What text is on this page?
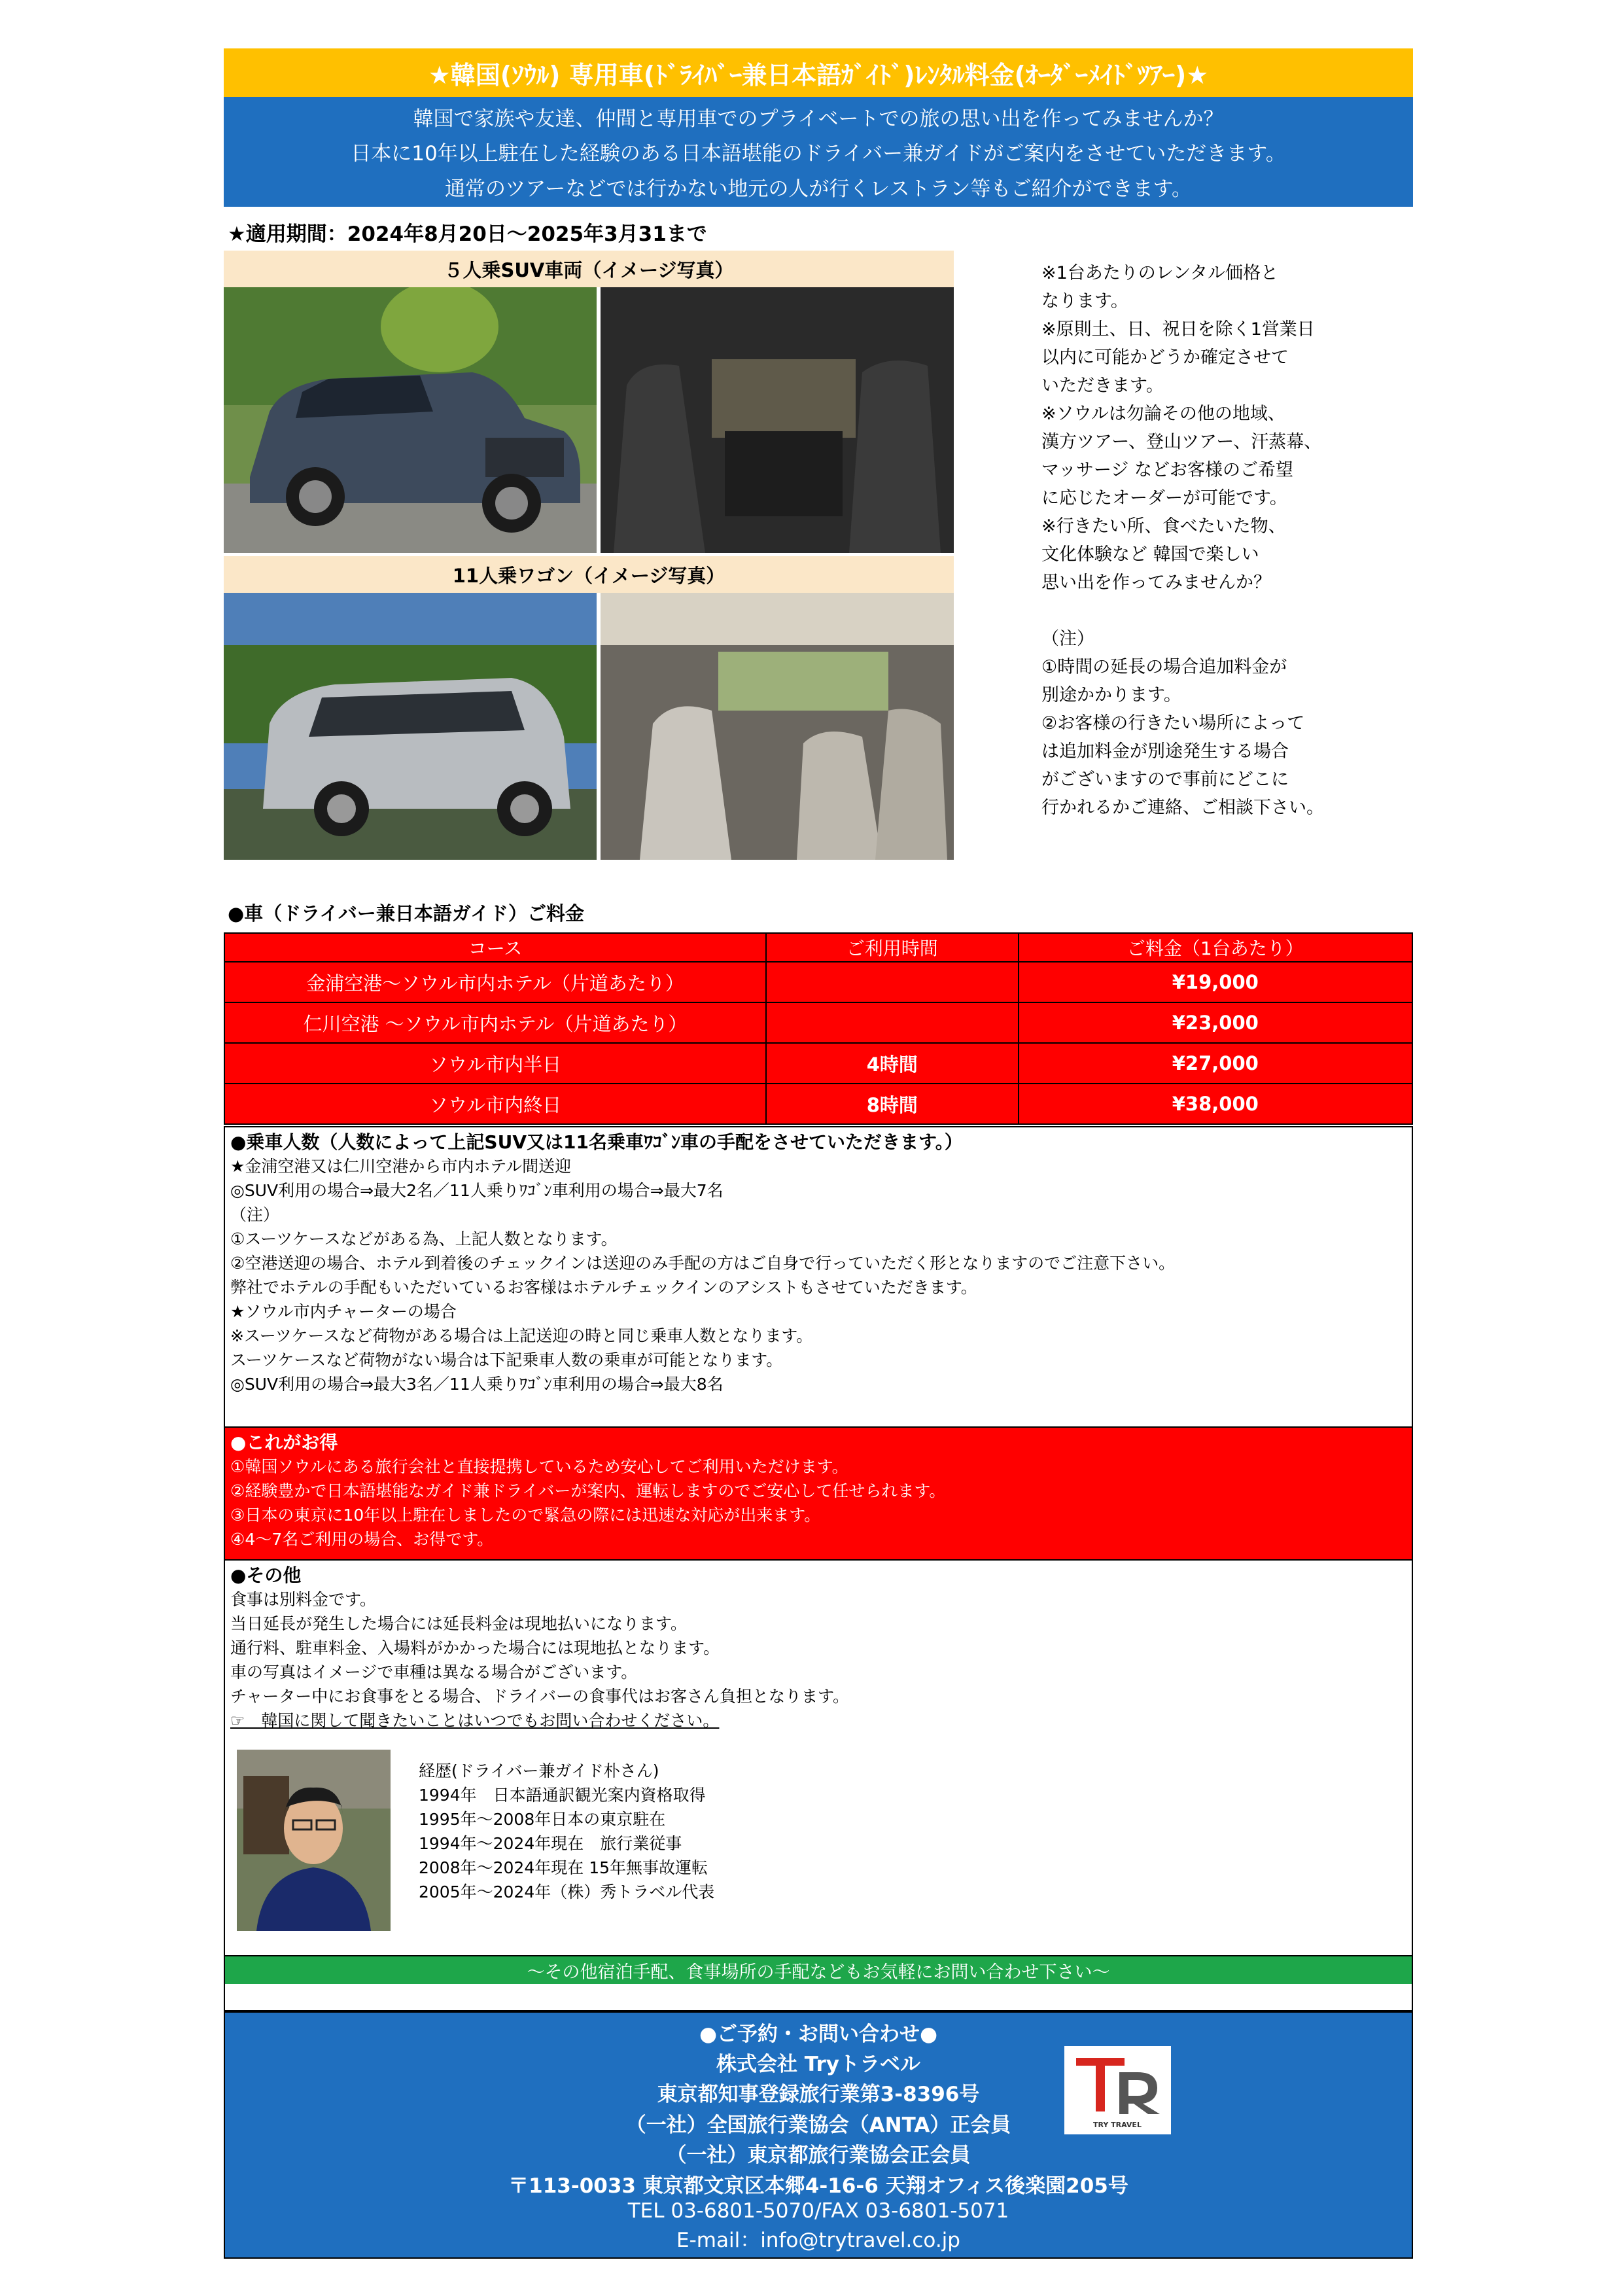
★韓国(ｿｳﾙ) 専用車(ﾄﾞﾗｲﾊﾞｰ兼日本語ｶﾞｲﾄﾞ)ﾚﾝﾀﾙ料金(ｵｰﾀﾞｰﾒｲﾄﾞﾂｱｰ)★
韓国で家族や友達、仲間と専用車でのプライベートでの旅の思い出を作ってみませんか？
日本に10年以上駐在した経験のある日本語堪能のドライバー兼ガイドがご案内をさせていただきます。
通常のツアーなどでは行かない地元の人が行くレストラン等もご紹介ができます。
★適用期間：2024年8月20日～2025年3月31まで
５人乗SUV車両（イメージ写真）
11人乗ワゴン（イメージ写真）
※1台あたりのレンタル価格と
なります。
※原則土、日、祝日を除く1営業日
以内に可能かどうか確定させて
いただきます。
※ソウルは勿論その他の地域、
漢方ツアー、登山ツアー、汗蒸幕、
マッサージ などお客様のご希望
に応じたオーダーが可能です。
※行きたい所、食べたいた物、
文化体験など 韓国で楽しい
思い出を作ってみませんか？
（注）
①時間の延長の場合追加料金が
別途かかります。
②お客様の行きたい場所によって
は追加料金が別途発生する場合
がございますので事前にどこに
行かれるかご連絡、ご相談下さい。
●車（ドライバー兼日本語ガイド）ご料金
コース	ご利用時間	ご料金（1台あたり）
金浦空港～ソウル市内ホテル（片道あたり）		¥19,000
仁川空港 ～ソウル市内ホテル（片道あたり）		¥23,000
ソウル市内半日	4時間	¥27,000
ソウル市内終日	8時間	¥38,000
●乗車人数（人数によって上記SUV又は11名乗車ﾜｺﾞﾝ車の手配をさせていただきます。）
★金浦空港又は仁川空港から市内ホテル間送迎
◎SUV利用の場合⇒最大2名／11人乗りﾜｺﾞﾝ車利用の場合⇒最大7名
（注）
①スーツケースなどがある為、上記人数となります。
②空港送迎の場合、ホテル到着後のチェックインは送迎のみ手配の方はご自身で行っていただく形となりますのでご注意下さい。
弊社でホテルの手配もいただいているお客様はホテルチェックインのアシストもさせていただきます。
★ソウル市内チャーターの場合
※スーツケースなど荷物がある場合は上記送迎の時と同じ乗車人数となります。
スーツケースなど荷物がない場合は下記乗車人数の乗車が可能となります。
◎SUV利用の場合⇒最大3名／11人乗りﾜｺﾞﾝ車利用の場合⇒最大8名
●これがお得
①韓国ソウルにある旅行会社と直接提携しているため安心してご利用いただけます。
②経験豊かで日本語堪能なガイド兼ドライバーが案内、運転しますのでご安心して任せられます。
③日本の東京に10年以上駐在しましたので緊急の際には迅速な対応が出来ます。
④4～7名ご利用の場合、お得です。
●その他
食事は別料金です。
当日延長が発生した場合には延長料金は現地払いになります。
通行料、駐車料金、入場料がかかった場合には現地払となります。
車の写真はイメージで車種は異なる場合がございます。
チャーター中にお食事をとる場合、ドライバーの食事代はお客さん負担となります。
☞　韓国に関して聞きたいことはいつでもお問い合わせください。
経歴(ドライバー兼ガイド朴さん)
1994年　日本語通訳観光案内資格取得
1995年～2008年日本の東京駐在
1994年～2024年現在　旅行業従事
2008年～2024年現在 15年無事故運転
2005年～2024年（株）秀トラベル代表
～その他宿泊手配、食事場所の手配などもお気軽にお問い合わせ下さい～
●ご予約・お問い合わせ●
株式会社 Tryトラベル
東京都知事登録旅行業第3-8396号
（一社）全国旅行業協会（ANTA）正会員
（一社）東京都旅行業協会正会員
〒113-0033 東京都文京区本郷4-16-6 天翔オフィス後楽園205号
TEL 03-6801-5070/FAX 03-6801-5071
E-mail：info@trytravel.co.jp
TRY TRAVEL
